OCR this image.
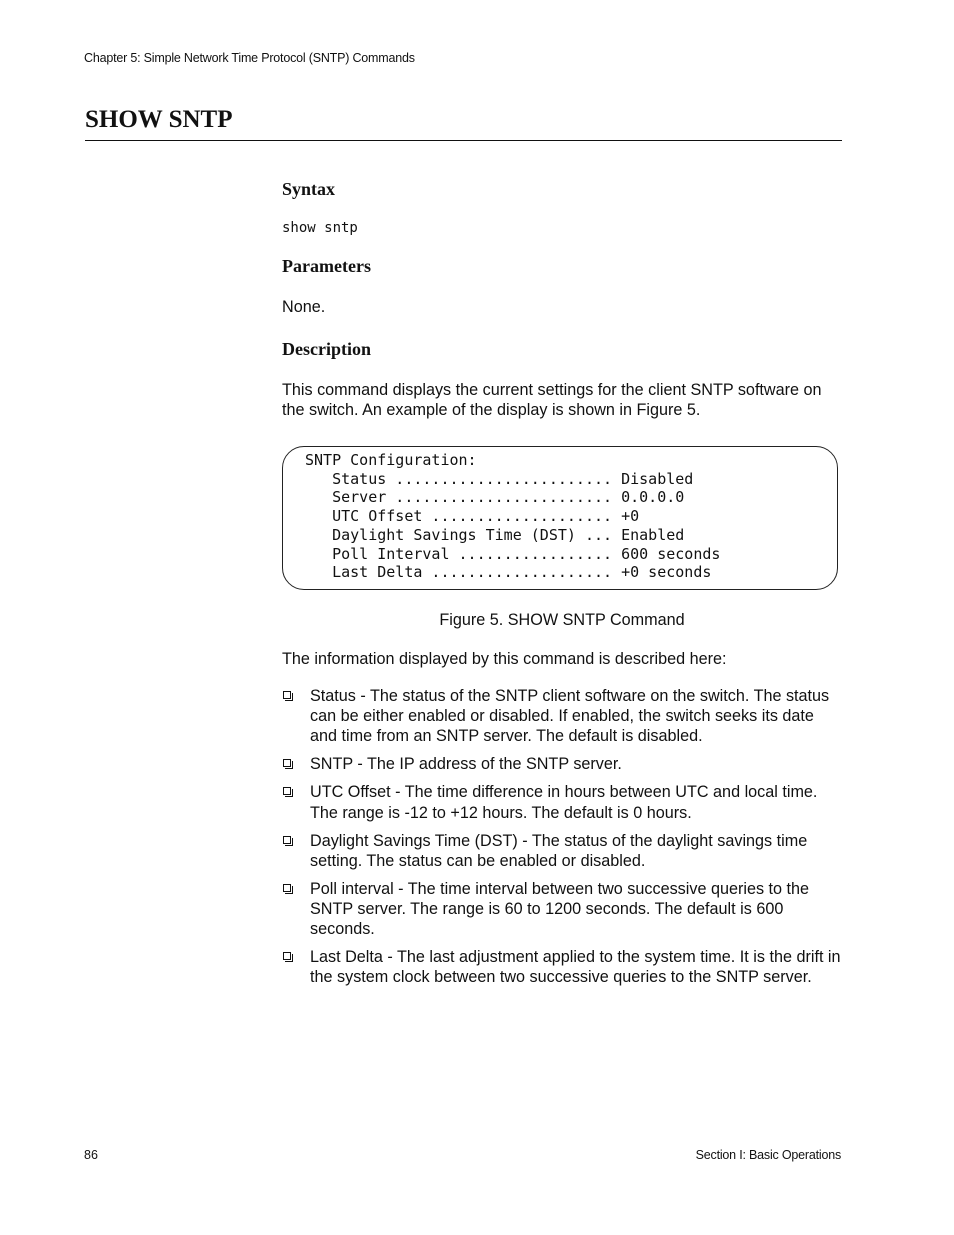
Chapter 5: Simple Network Time Protocol (SNTP) Commands
SHOW SNTP
Syntax
show sntp
Parameters

None.

Description

This command displays the current settings for the client SNTP software on the switch. An example of the display is shown in Figure 5.

SNTP Configuration:
Status ........................ Disabled
Server ........................ 0.0.0.0
UTC Offset .................... +0
Daylight Savings Time (DST) ... Enabled
Poll Interval ................. 600 seconds
Last Delta .................... +0 seconds
Figure 5. SHOW SNTP Command

The information displayed by this command is described here:

Status - The status of the SNTP client software on the switch. The status can be either enabled or disabled. If enabled, the switch seeks its date and time from an SNTP server. The default is disabled.
SNTP - The IP address of the SNTP server.
UTC Offset - The time difference in hours between UTC and local time. The range is -12 to +12 hours. The default is 0 hours.
Daylight Savings Time (DST) - The status of the daylight savings time setting. The status can be enabled or disabled.
Poll interval - The time interval between two successive queries to the SNTP server. The range is 60 to 1200 seconds. The default is 600 seconds.
Last Delta - The last adjustment applied to the system time. It is the drift in the system clock between two successive queries to the SNTP server.
86	Section I: Basic Operations
